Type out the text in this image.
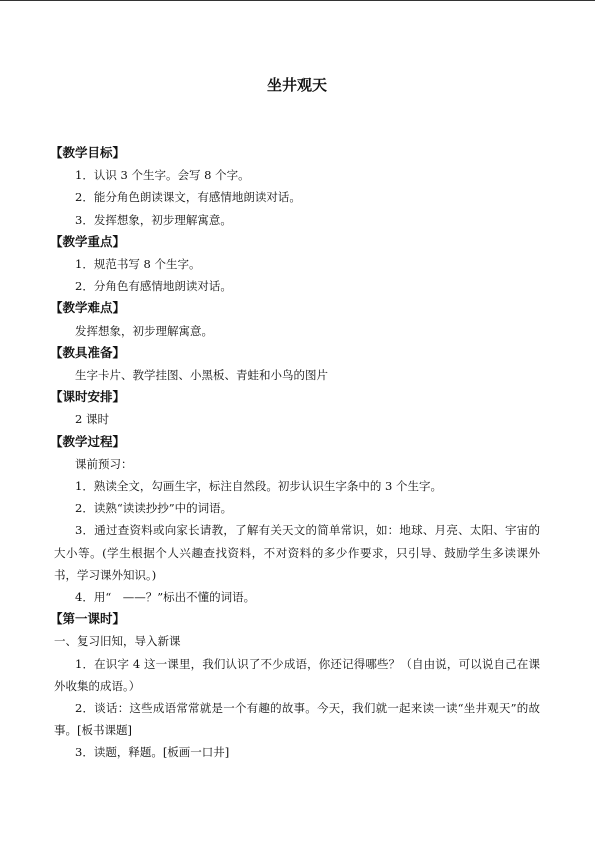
坐井观天
【教学目标】
1．认识 3 个生字。会写 8 个字。
2．能分角色朗读课文，有感情地朗读对话。
3．发挥想象，初步理解寓意。
【教学重点】
1．规范书写 8 个生字。
2．分角色有感情地朗读对话。
【教学难点】
发挥想象，初步理解寓意。
【教具准备】
生字卡片、教学挂图、小黑板、青蛙和小鸟的图片
【课时安排】
2 课时
【教学过程】
课前预习：
1．熟读全文，勾画生字，标注自然段。初步认识生字条中的 3 个生字。
2．读熟“读读抄抄”中的词语。
3．通过查资料或向家长请教，了解有关天文的简单常识，如：地球、月亮、太阳、宇宙的大小等。(学生根据个人兴趣查找资料，不对资料的多少作要求，只引导、鼓励学生多读课外书，学习课外知识。)
4．用“　——？”标出不懂的词语。
【第一课时】
一、复习旧知，导入新课
1．在识字 4 这一课里，我们认识了不少成语，你还记得哪些？（自由说，可以说自己在课外收集的成语。）
2．谈话：这些成语常常就是一个有趣的故事。今天，我们就一起来读一读“坐井观天”的故事。[板书课题]
3．读题，释题。[板画一口井]
